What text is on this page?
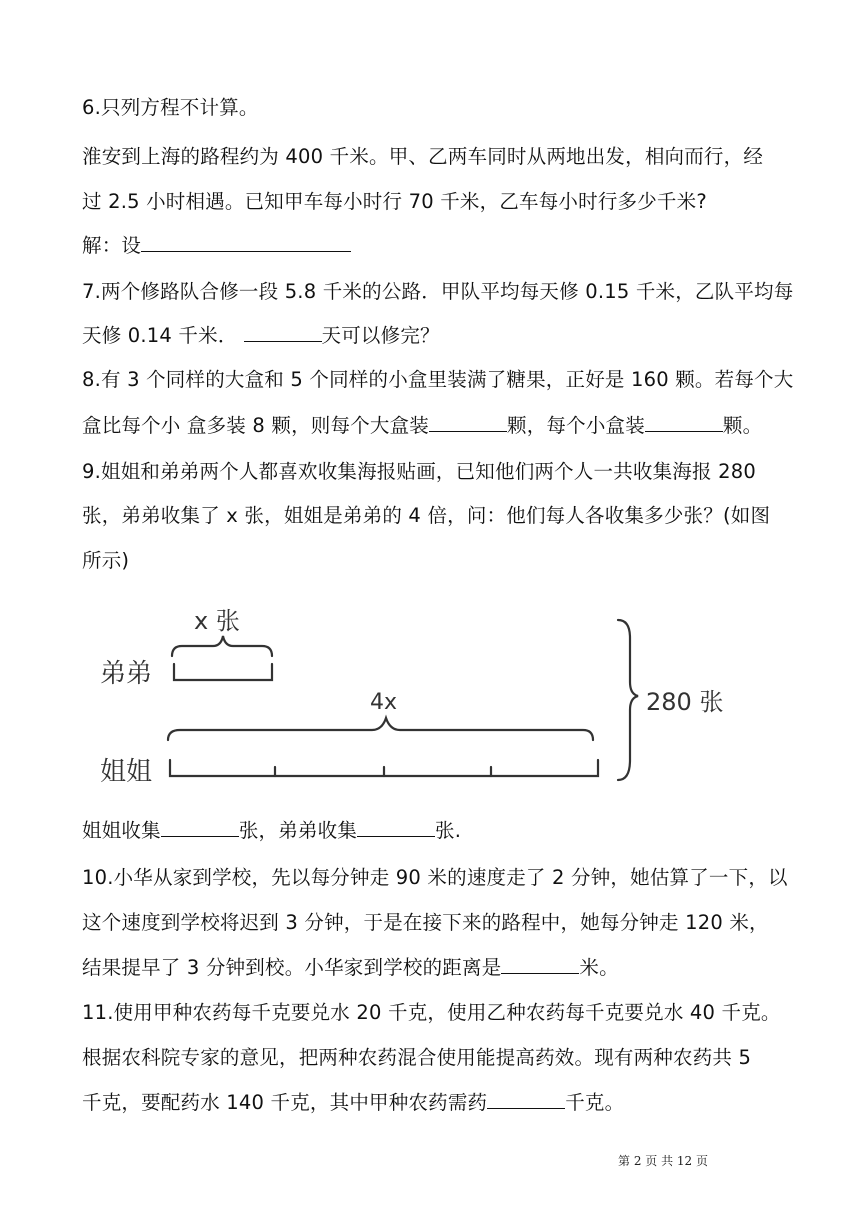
6.只列方程不计算。
淮安到上海的路程约为 400 千米。甲、乙两车同时从两地出发，相向而行，经
过 2.5 小时相遇。已知甲车每小时行 70 千米，乙车每小时行多少千米?
解：设
7.两个修路队合修一段 5.8 千米的公路．甲队平均每天修 0.15 千米，乙队平均每
天修 0.14 千米．	天可以修完？
8.有 3 个同样的大盒和 5 个同样的小盒里装满了糖果，正好是 160 颗。若每个大
盒比每个小 盒多装 8 颗，则每个大盒装	颗，每个小盒装	颗。
9.姐姐和弟弟两个人都喜欢收集海报贴画，已知他们两个人一共收集海报 280
张，弟弟收集了 x 张，姐姐是弟弟的 4 倍，问：他们每人各收集多少张？(如图
所示)
x 张
弟弟
4x
姐姐
280 张
姐姐收集	张，弟弟收集	张.
10.小华从家到学校，先以每分钟走 90 米的速度走了 2 分钟，她估算了一下，以
这个速度到学校将迟到 3 分钟，于是在接下来的路程中，她每分钟走 120 米，
结果提早了 3 分钟到校。小华家到学校的距离是	米。
11.使用甲种农药每千克要兑水 20 千克，使用乙种农药每千克要兑水 40 千克。
根据农科院专家的意见，把两种农药混合使用能提高药效。现有两种农药共 5
千克，要配药水 140 千克，其中甲种农药需药	千克。
第 2 页 共 12 页
